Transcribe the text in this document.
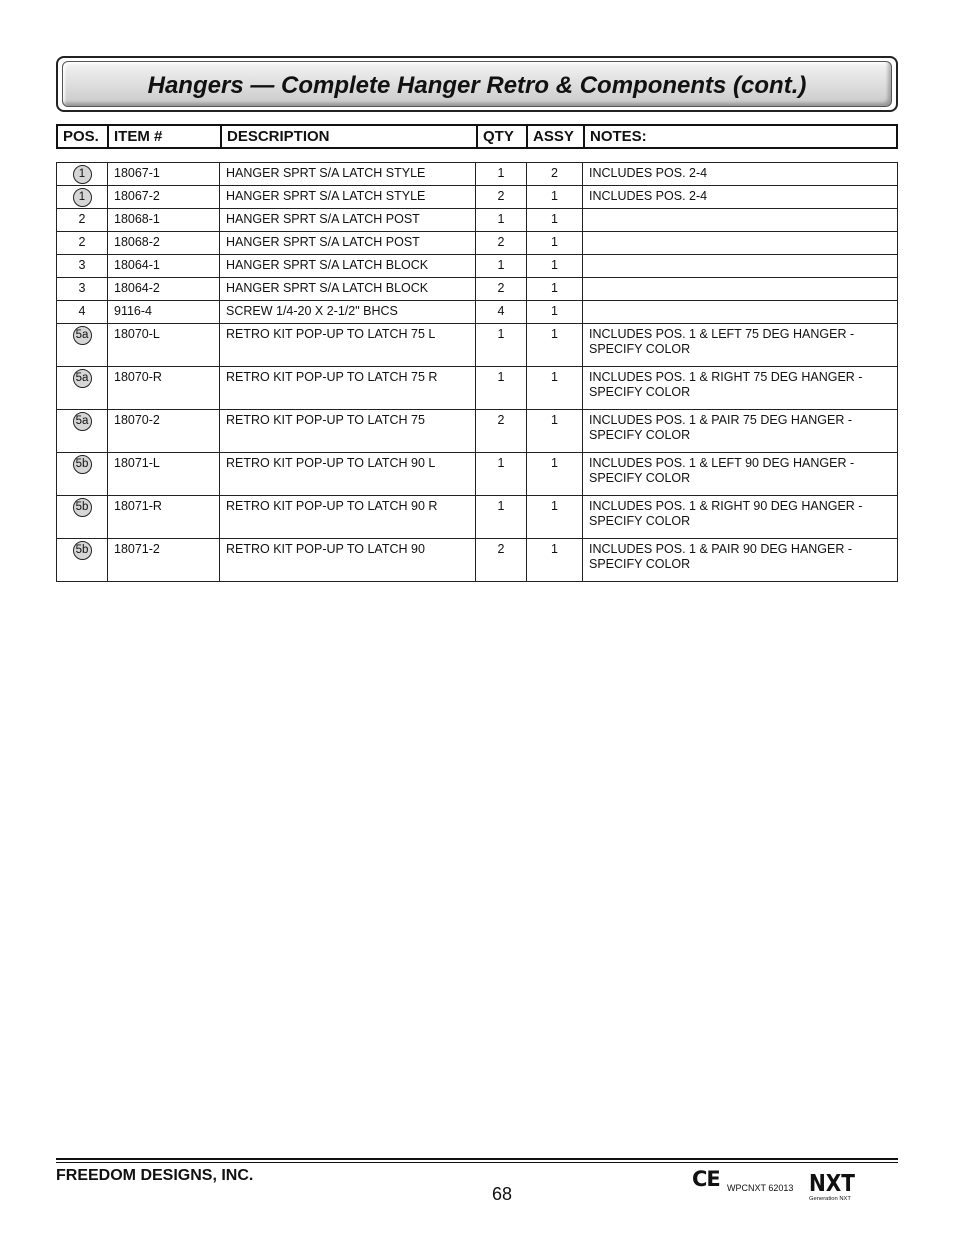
Hangers — Complete Hanger Retro & Components (cont.)
POS.	ITEM #	DESCRIPTION	QTY	ASSY	NOTES:
1	18067-1	HANGER SPRT S/A LATCH STYLE	1	2	INCLUDES POS. 2-4
1	18067-2	HANGER SPRT S/A LATCH STYLE	2	1	INCLUDES POS. 2-4
2	18068-1	HANGER SPRT S/A LATCH POST	1	1	
2	18068-2	HANGER SPRT S/A LATCH POST	2	1	
3	18064-1	HANGER SPRT S/A LATCH BLOCK	1	1	
3	18064-2	HANGER SPRT S/A LATCH BLOCK	2	1	
4	9116-4	SCREW 1/4-20 X 2-1/2" BHCS	4	1	
5a	18070-L	RETRO KIT POP-UP TO LATCH 75 L	1	1	INCLUDES POS. 1 & LEFT 75 DEG HANGER - SPECIFY COLOR
5a	18070-R	RETRO KIT POP-UP TO LATCH 75 R	1	1	INCLUDES POS. 1 & RIGHT 75 DEG HANGER - SPECIFY COLOR
5a	18070-2	RETRO KIT POP-UP TO LATCH 75	2	1	INCLUDES POS. 1 & PAIR 75 DEG HANGER - SPECIFY COLOR
5b	18071-L	RETRO KIT POP-UP TO LATCH 90 L	1	1	INCLUDES POS. 1 & LEFT 90 DEG HANGER - SPECIFY COLOR
5b	18071-R	RETRO KIT POP-UP TO LATCH 90 R	1	1	INCLUDES POS. 1 & RIGHT 90 DEG HANGER - SPECIFY COLOR
5b	18071-2	RETRO KIT POP-UP TO LATCH 90	2	1	INCLUDES POS. 1 & PAIR 90 DEG HANGER - SPECIFY COLOR
FREEDOM DESIGNS, INC.
68
CE WPCNXT 62013 NXT
Generation NXT
